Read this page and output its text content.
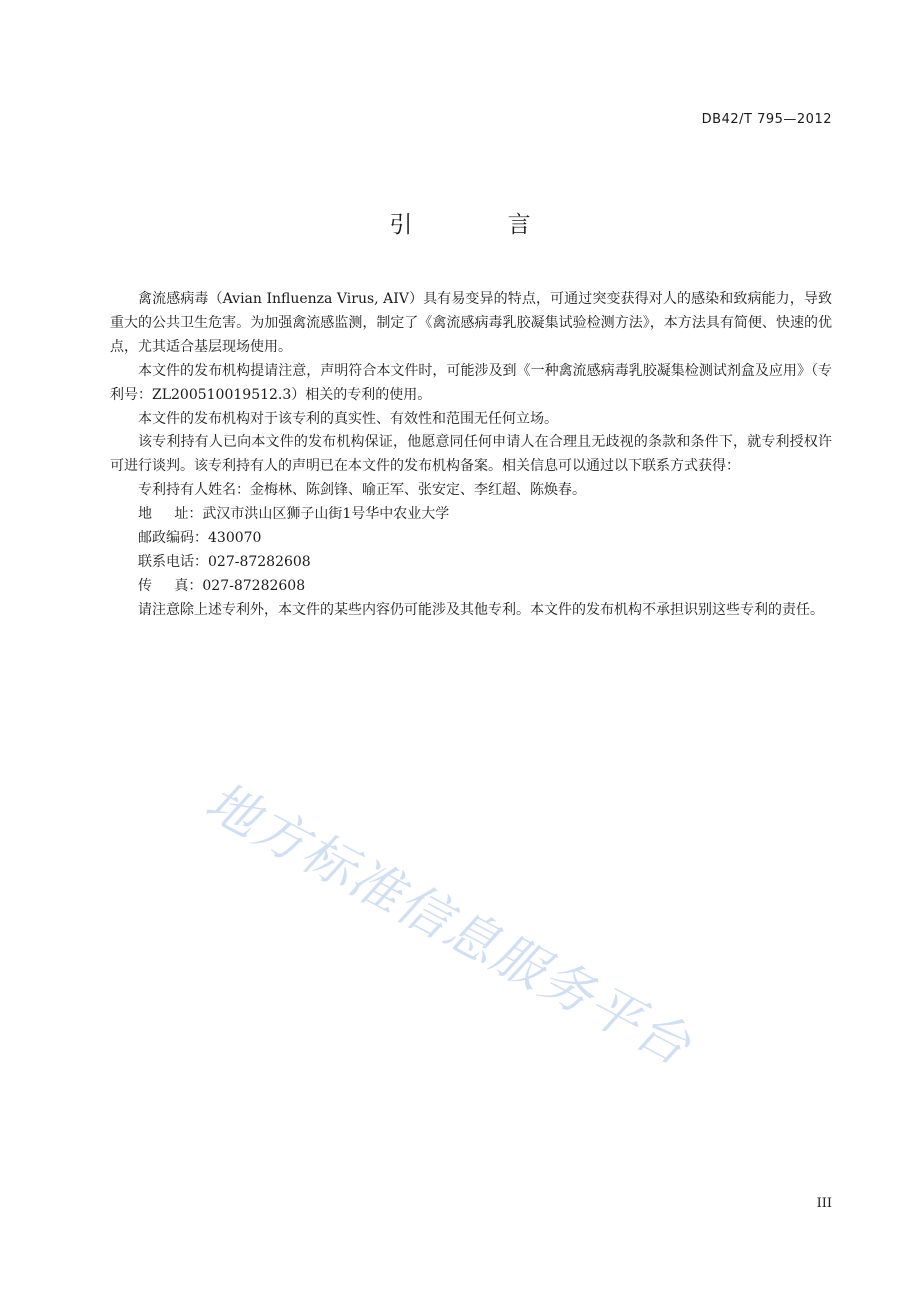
DB42/T 795—2012
引 言

禽流感病毒（Avian Influenza Virus, AIV）具有易变异的特点，可通过突变获得对人的感染和致病能力，导致重大的公共卫生危害。为加强禽流感监测，制定了《禽流感病毒乳胶凝集试验检测方法》，本方法具有简便、快速的优点，尤其适合基层现场使用。

本文件的发布机构提请注意，声明符合本文件时，可能涉及到《一种禽流感病毒乳胶凝集检测试剂盒及应用》（专利号：ZL200510019512.3）相关的专利的使用。

本文件的发布机构对于该专利的真实性、有效性和范围无任何立场。

该专利持有人已向本文件的发布机构保证，他愿意同任何申请人在合理且无歧视的条款和条件下，就专利授权许可进行谈判。该专利持有人的声明已在本文件的发布机构备案。相关信息可以通过以下联系方式获得：

专利持有人姓名：金梅林、陈剑锋、喻正军、张安定、李红超、陈焕春。
地 址：武汉市洪山区狮子山街1号华中农业大学
邮政编码：430070
联系电话：027-87282608
传 真：027-87282608

请注意除上述专利外，本文件的某些内容仍可能涉及其他专利。本文件的发布机构不承担识别这些专利的责任。

地方标准信息服务平台
III
